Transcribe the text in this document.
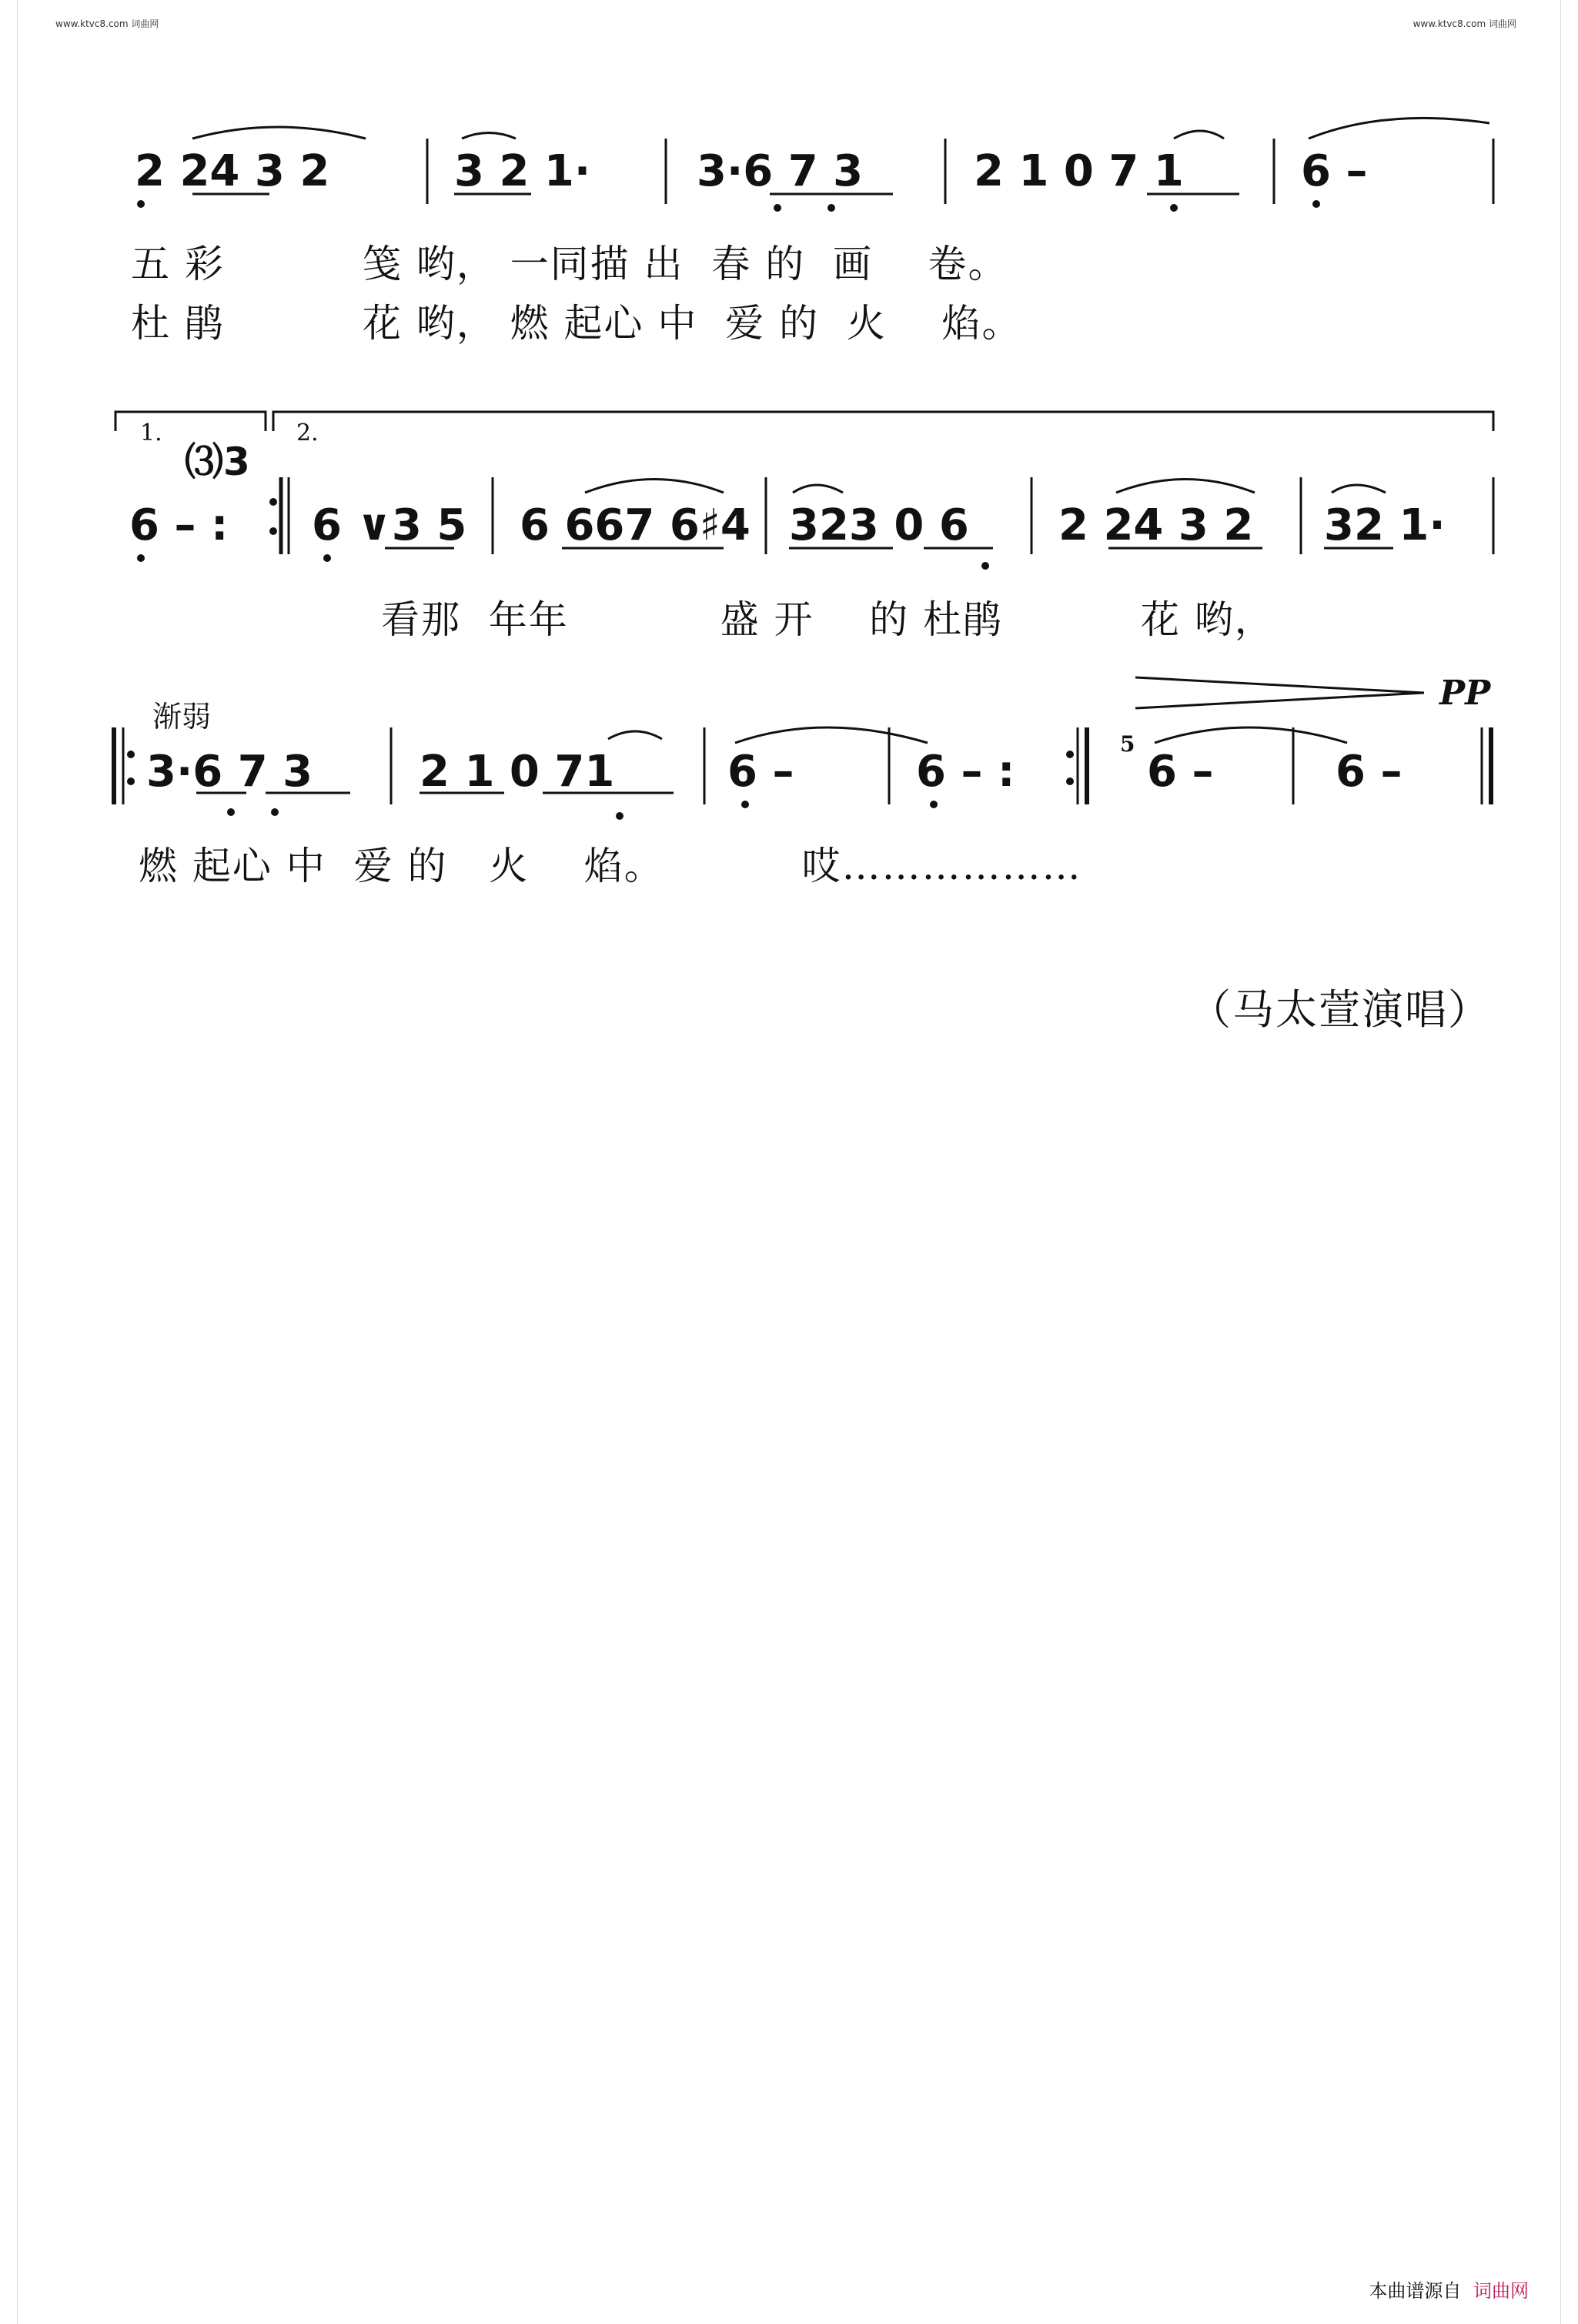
www.ktvc8.com 词曲网	www.ktvc8.com 词曲网
2 24 3 2	3 2 1· 3·6 7 3	2 1 0 7 1	6 –
五 彩          笺 哟， 一同描 出  春 的  画    卷。
杜 鹃          花 哟， 燃 起心 中  爱 的  火    焰。
1.	2.
⑶3
6 – : 6 ∨3 5 6 667 6♯4 323 0 6 2 24 3 2 32 1·
看那  年年           盛 开    的 杜鹃          花 哟，
渐弱
PP
3·6 7 3 2 1 0 71	6 –	6 – :	6 –	6 –
5
燃 起心 中  爱 的   火    焰。          哎………………
（马太萱演唱）
本曲谱源自 词曲网
